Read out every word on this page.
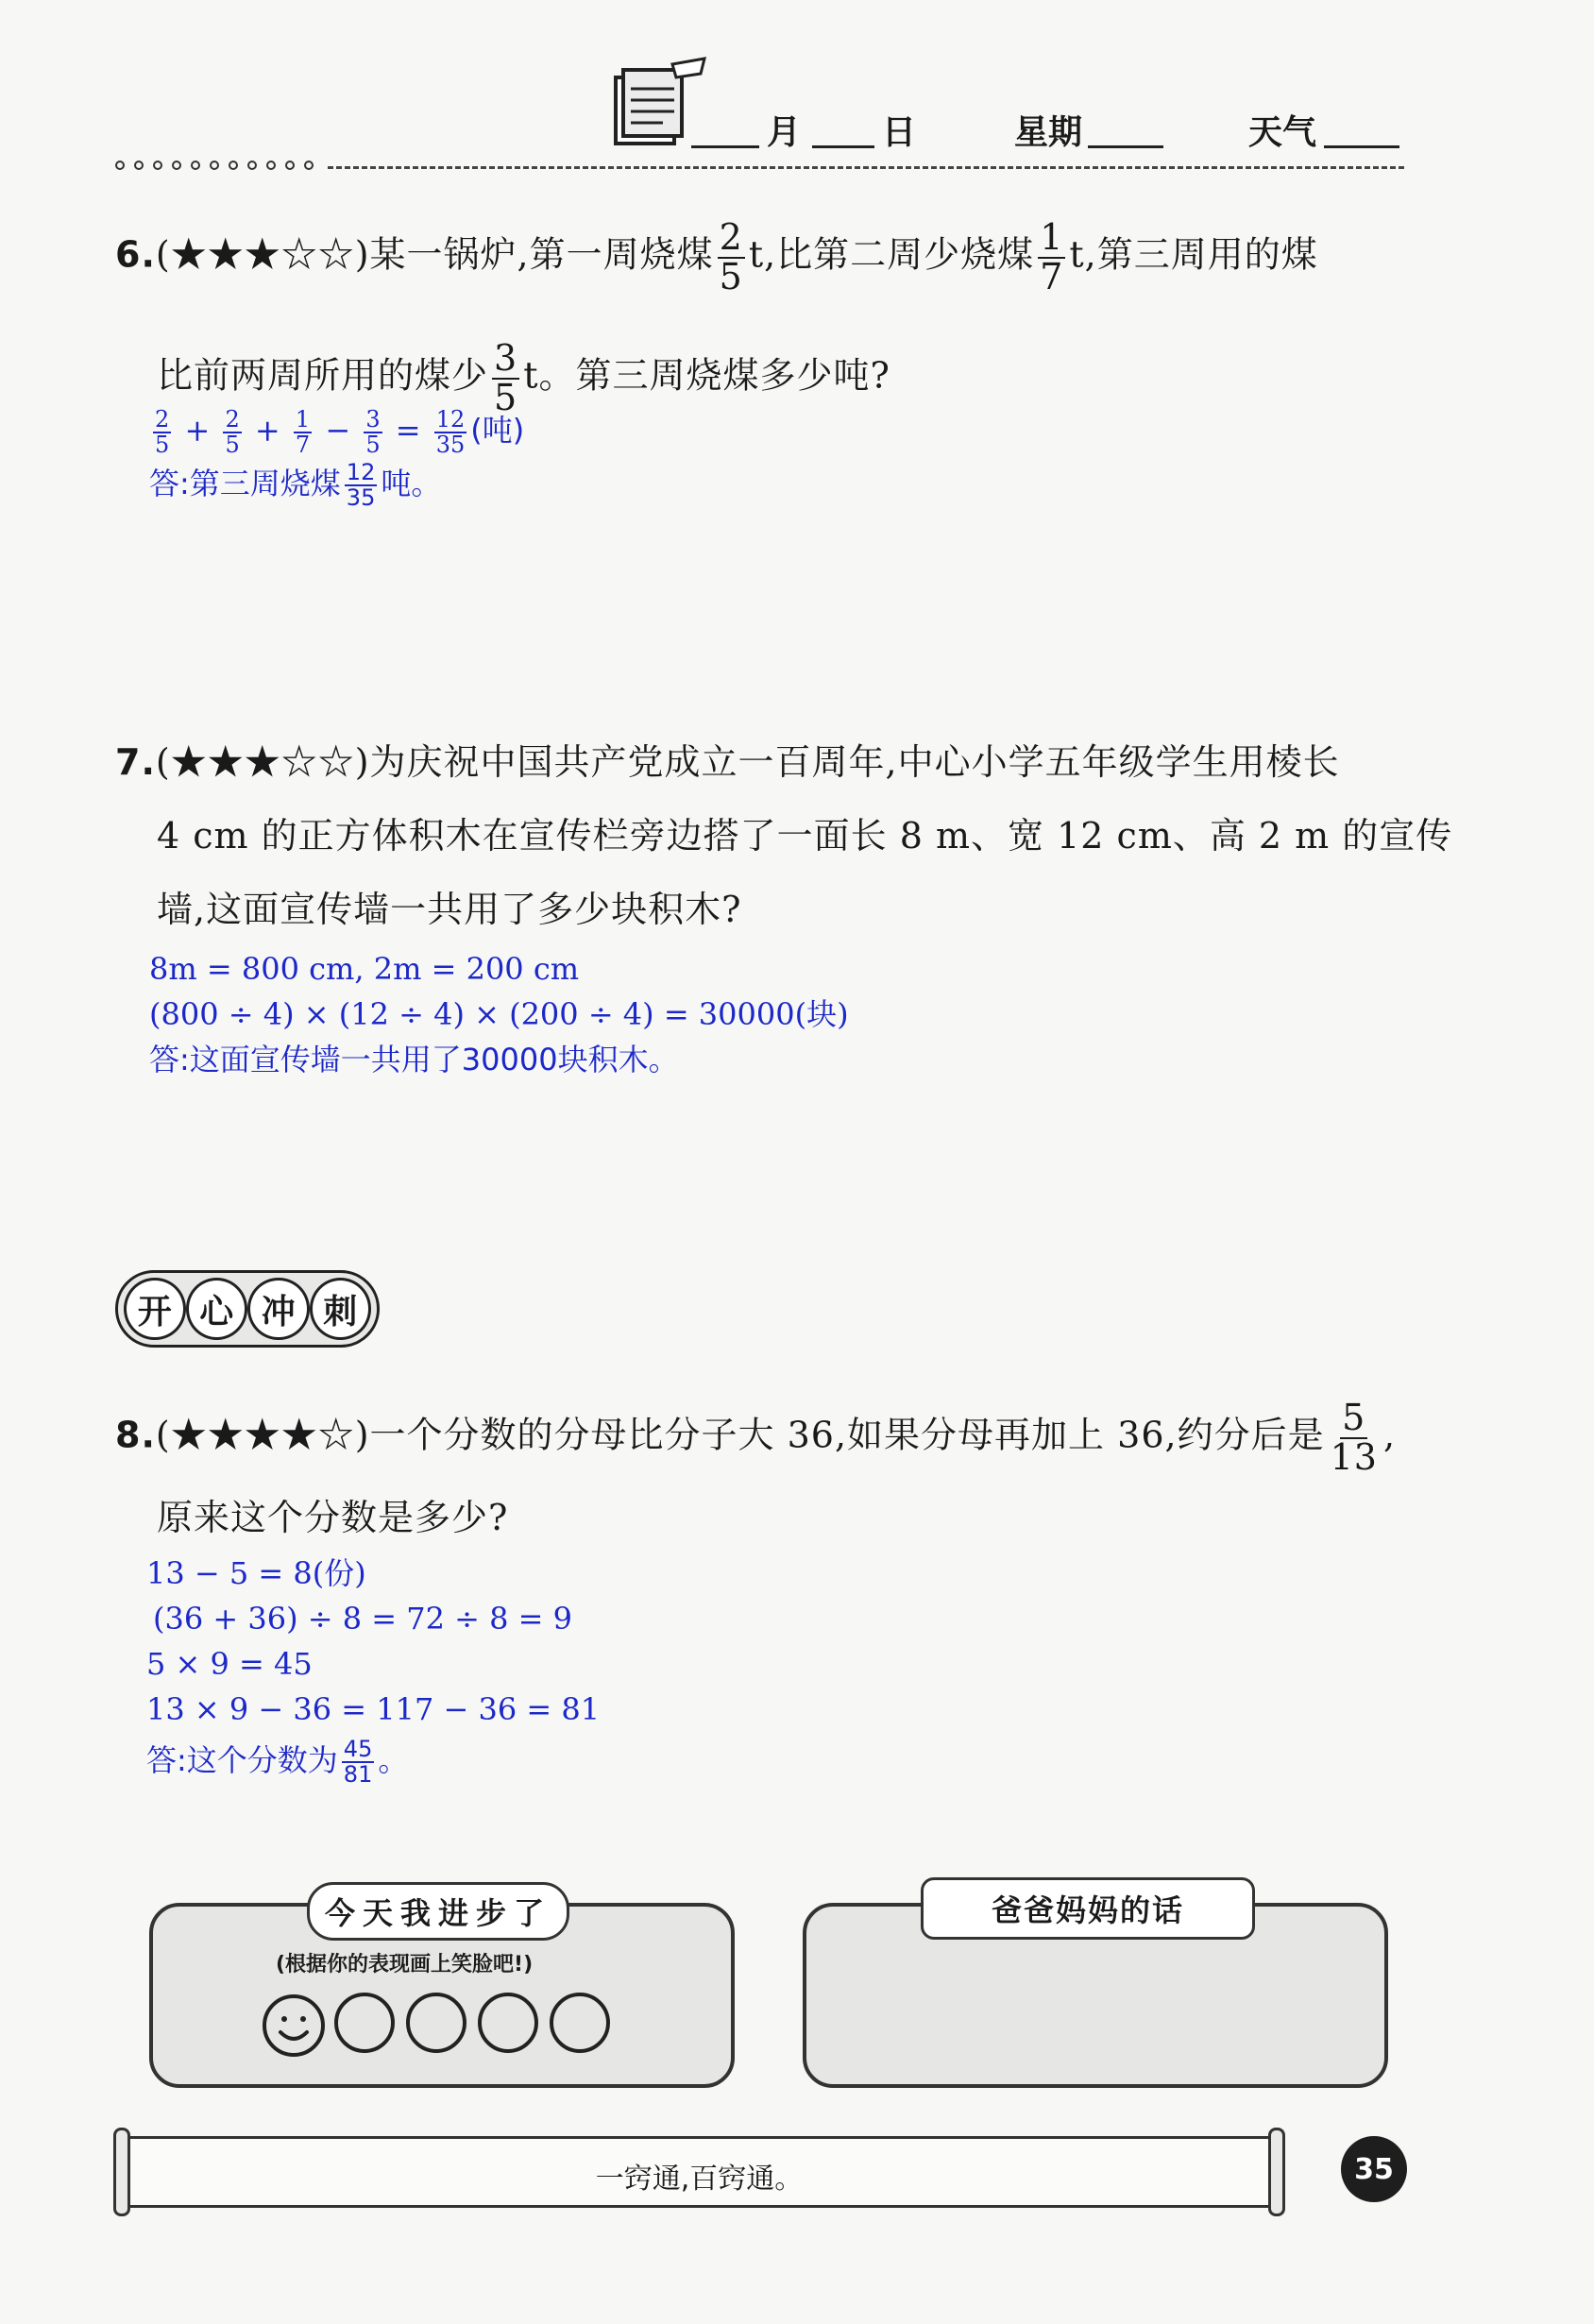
月 日	星期	天气
6.(★★★☆☆)某一锅炉,第一周烧煤 $\frac{2}{5} t$,比第二周少烧煤 $\frac{1}{7} t$,第三周用的煤
比前两周所用的煤少 $\frac{3}{5}$ t。第三周烧煤多少吨?
$\frac{2}{5} + \frac{2}{5} + \frac{1}{7} - \frac{3}{5} = \frac{12}{35}$ (吨)
答:第三周烧煤 $\frac{12}{35}$ 吨。
7.(★★★☆☆)为庆祝中国共产党成立一百周年,中心小学五年级学生用棱长
4 cm 的正方体积木在宣传栏旁边搭了一面长 8 m、宽 12 cm、高 2 m 的宣传
墙,这面宣传墙一共用了多少块积木?
8m = 800 cm, 2m = 200 cm
(800 ÷ 4) × (12 ÷ 4) × (200 ÷ 4) = 30000(块)
答:这面宣传墙一共用了30000块积木。
开 心 冲 刺
8.(★★★★☆)一个分数的分母比分子大 36,如果分母再加上 36,约分后是 $\frac{5}{13}$ ,
原来这个分数是多少?
13 − 5 = 8(份)
(36 + 36) ÷ 8 = 72 ÷ 8 = 9
5 × 9 = 45
13 × 9 − 36 = 117 − 36 = 81
答:这个分数为 $\frac{45}{81}$ 。
今天我进步了
(根据你的表现画上笑脸吧!)
爸爸妈妈的话
一窍通,百窍通。	35
